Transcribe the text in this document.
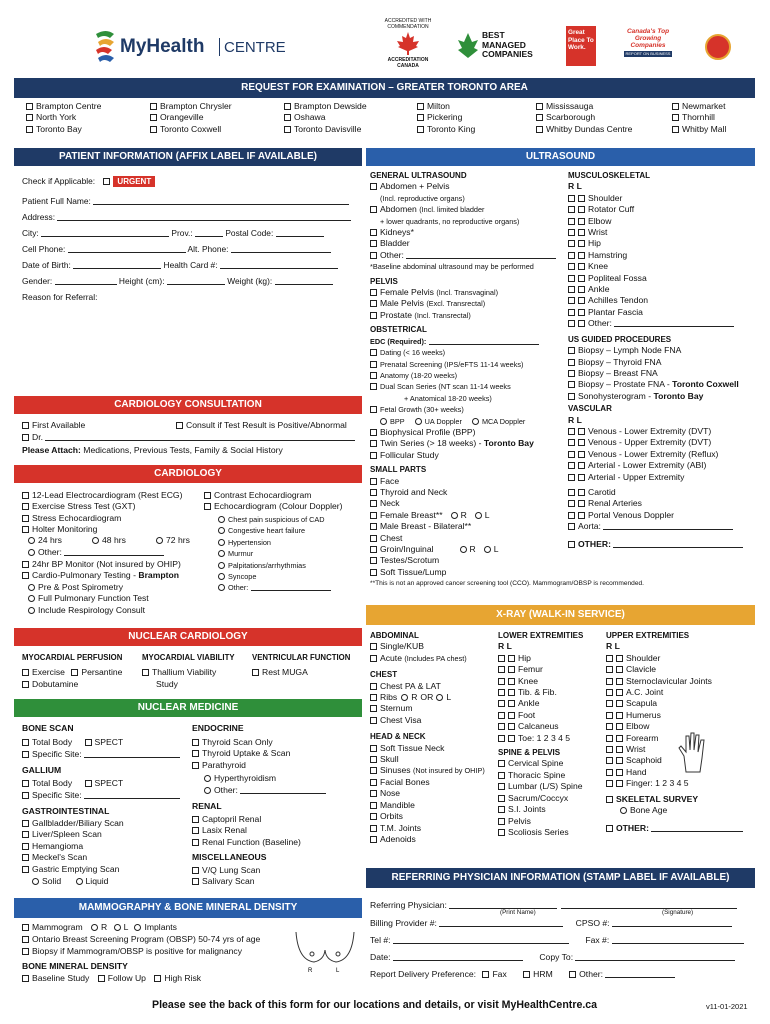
MyHealth CENTRE
ACCREDITED WITH COMMENDATION
ACCREDITATION CANADA
BEST MANAGED COMPANIES
Great Place To Work.
Canada's Top Growing Companies
REPORT ON BUSINESS
REQUEST FOR EXAMINATION – GREATER TORONTO AREA
Brampton Centre
North York
Toronto Bay
Brampton Chrysler
Orangeville
Toronto Coxwell
Brampton Dewside
Oshawa
Toronto Davisville
Milton
Pickering
Toronto King
Mississauga
Scarborough
Whitby Dundas Centre
Newmarket
Thornhill
Whitby Mall
PATIENT INFORMATION (AFFIX LABEL IF AVAILABLE)
Check if Applicable:	URGENT
Patient Full Name:
Address:
City:	Prov.:	Postal Code:
Cell Phone:	Alt. Phone:
Date of Birth:	Health Card #:
Gender:	Height (cm):	Weight (kg):
Reason for Referral:
CARDIOLOGY CONSULTATION
First Available	Consult if Test Result is Positive/Abnormal
Dr.
Please Attach: Medications, Previous Tests, Family & Social History
CARDIOLOGY
12-Lead Electrocardiogram (Rest ECG)
Exercise Stress Test (GXT)
Stress Echocardiogram
Holter Monitoring
24 hrs	48 hrs	72 hrs
Other:
24hr BP Monitor (Not insured by OHIP)
Cardio-Pulmonary Testing - Brampton
Pre & Post Spirometry
Full Pulmonary Function Test
Include Respirology Consult
Contrast Echocardiogram
Echocardiogram (Colour Doppler)
Chest pain suspicious of CAD
Congestive heart failure
Hypertension
Murmur
Palpitations/arrhythmias
Syncope
Other:
NUCLEAR CARDIOLOGY
MYOCARDIAL PERFUSION	MYOCARDIAL VIABILITY VENTRICULAR FUNCTION
Exercise Persantine
Dobutamine
Thallium Viability
Study
Rest MUGA
NUCLEAR MEDICINE
BONE SCAN
Total Body	SPECT
Specific Site:
GALLIUM
Total Body	SPECT
Specific Site:
GASTROINTESTINAL
Gallbladder/Biliary Scan
Liver/Spleen Scan
Hemangioma
Meckel's Scan
Gastric Emptying Scan
Solid	Liquid
ENDOCRINE
Thyroid Scan Only
Thyroid Uptake & Scan
Parathyroid
Hyperthyroidism
Other:
RENAL
Captopril Renal
Lasix Renal
Renal Function (Baseline)
MISCELLANEOUS
V/Q Lung Scan
Salivary Scan
MAMMOGRAPHY & BONE MINERAL DENSITY
Mammogram R L Implants
Ontario Breast Screening Program (OBSP) 50-74 yrs of age
Biopsy if Mammogram/OBSP is positive for malignancy
BONE MINERAL DENSITY
Baseline Study Follow Up High Risk
R	L
ULTRASOUND
GENERAL ULTRASOUND
Abdomen + Pelvis
(Incl. reproductive organs)
Abdomen (Incl. limited bladder
+ lower quadrants, no reproductive organs)
Kidneys*
Bladder
Other:
*Baseline abdominal ultrasound may be performed
PELVIS
Female Pelvis (Incl. Transvaginal)
Male Pelvis (Excl. Transrectal)
Prostate (Incl. Transrectal)
OBSTETRICAL
EDC (Required):
Dating (< 16 weeks)
Prenatal Screening (IPS/eFTS 11-14 weeks)
Anatomy (18-20 weeks)
Dual Scan Series (NT scan 11-14 weeks
+ Anatomical 18-20 weeks)
Fetal Growth (30+ weeks)
BPP	UA Doppler	MCA Doppler
Biophysical Profile (BPP)
Twin Series (> 18 weeks) - Toronto Bay
Follicular Study
SMALL PARTS
Face
Thyroid and Neck
Neck
Female Breast** R L
Male Breast - Bilateral**
Chest
Groin/Inguinal	R L
Testes/Scrotum
Soft Tissue/Lump
**This is not an approved cancer screening tool (CCO). Mammogram/OBSP is recommended.
MUSCULOSKELETAL
R L
Shoulder
Rotator Cuff
Elbow
Wrist
Hip
Hamstring
Knee
Popliteal Fossa
Ankle
Achilles Tendon
Plantar Fascia
Other:
US GUIDED PROCEDURES
Biopsy – Lymph Node FNA
Biopsy – Thyroid FNA
Biopsy – Breast FNA
Biopsy – Prostate FNA - Toronto Coxwell
Sonohysterogram - Toronto Bay
VASCULAR
R L
Venous - Lower Extremity (DVT)
Venous - Upper Extremity (DVT)
Venous - Lower Extremity (Reflux)
Arterial - Lower Extremity (ABI)
Arterial - Upper Extremity
Carotid
Renal Arteries
Portal Venous Doppler
Aorta:
OTHER:
X-RAY (WALK-IN SERVICE)
ABDOMINAL
Single/KUB
Acute (Includes PA chest)
CHEST
Chest PA & LAT
Ribs R OR L
Sternum
Chest Visa
HEAD & NECK
Soft Tissue Neck
Skull
Sinuses (Not insured by OHIP)
Facial Bones
Nose
Mandible
Orbits
T.M. Joints
Adenoids
LOWER EXTREMITIES
R L
Hip
Femur
Knee
Tib. & Fib.
Ankle
Foot
Calcaneus
Toe: 1 2 3 4 5
SPINE & PELVIS
Cervical Spine
Thoracic Spine
Lumbar (L/S) Spine
Sacrum/Coccyx
S.I. Joints
Pelvis
Scoliosis Series
UPPER EXTREMITIES
R L
Shoulder
Clavicle
Sternoclavicular Joints
A.C. Joint
Scapula
Humerus
Elbow
Forearm
Wrist
Scaphoid
Hand
Finger: 1 2 3 4 5
SKELETAL SURVEY
Bone Age
OTHER:
REFERRING PHYSICIAN INFORMATION (STAMP LABEL IF AVAILABLE)
Referring Physician:
(Print Name)	(Signature)
Billing Provider #:	CPSO #:
Tel #:	Fax #:
Date:	Copy To:
Report Delivery Preference: Fax	HRM	Other:
Please see the back of this form for our locations and details, or visit MyHealthCentre.ca	v11-01-2021
